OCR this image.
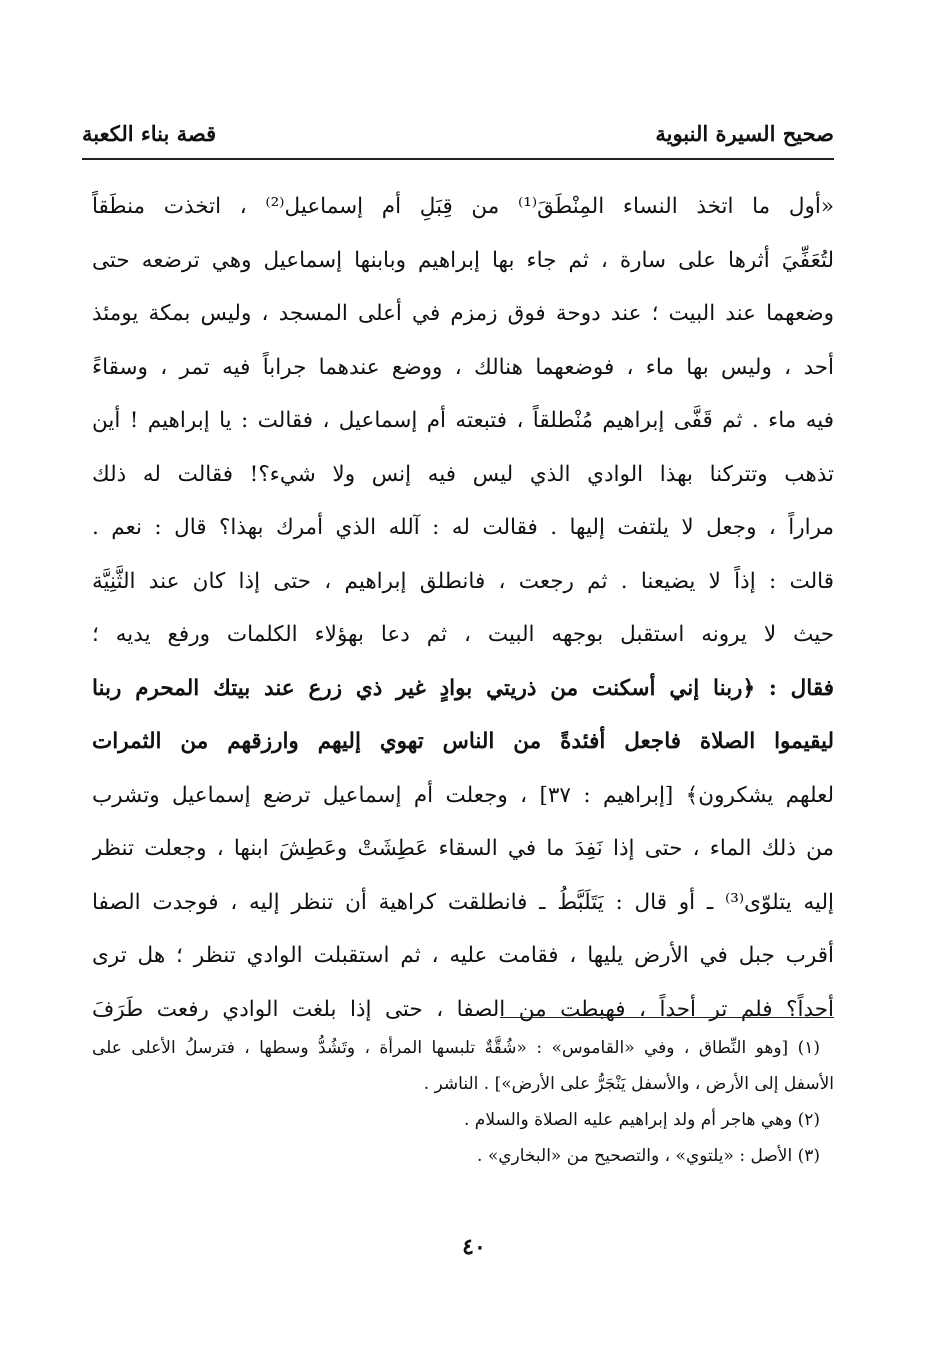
صحيح السيرة النبوية
قصة بناء الكعبة
«أول ما اتخذ النساء المِنْطَقَ⁽¹⁾ من قِبَلِ أم إسماعيل⁽²⁾ ، اتخذت منطَقاً
لتُعَفِّيَ أثرها على سارة ، ثم جاء بها إبراهيم وبابنها إسماعيل وهي ترضعه حتى
وضعهما عند البيت ؛ عند دوحة فوق زمزم في أعلى المسجد ، وليس بمكة يومئذ
أحد ، وليس بها ماء ، فوضعهما هنالك ، ووضع عندهما جراباً فيه تمر ، وسقاءً
فيه ماء . ثم قَفَّى إبراهيم مُنْطلقاً ، فتبعته أم إسماعيل ، فقالت : يا إبراهيم ! أين
تذهب وتتركنا بهذا الوادي الذي ليس فيه إنس ولا شيء؟! فقالت له ذلك
مراراً ، وجعل لا يلتفت إليها . فقالت له : آلله الذي أمرك بهذا؟ قال : نعم .
قالت : إذاً لا يضيعنا . ثم رجعت ، فانطلق إبراهيم ، حتى إذا كان عند الثَّنِيَّة
حيث لا يرونه استقبل بوجهه البيت ، ثم دعا بهؤلاء الكلمات ورفع يديه ؛
فقال : ﴿ربنا إني أسكنت من ذريتي بوادٍ غير ذي زرع عند بيتك المحرم ربنا
ليقيموا الصلاة فاجعل أفئدةً من الناس تهوي إليهم وارزقهم من الثمرات
لعلهم يشكرون﴾ [إبراهيم : ٣٧] ، وجعلت أم إسماعيل ترضع إسماعيل وتشرب
من ذلك الماء ، حتى إذا نَفِدَ ما في السقاء عَطِشَتْ وعَطِشَ ابنها ، وجعلت تنظر
إليه يتلوّى⁽³⁾ ـ أو قال : يَتَلَبَّطُ ـ فانطلقت كراهية أن تنظر إليه ، فوجدت الصفا
أقرب جبل في الأرض يليها ، فقامت عليه ، ثم استقبلت الوادي تنظر ؛ هل ترى
أحداً؟ فلم تر أحداً ، فهبطت من الصفا ، حتى إذا بلغت الوادي رفعت طَرَفَ
(١) [وهو النِّطاق ، وفي «القاموس» : «شُقَّةٌ تلبسها المرأة ، وتَشُدُّ وسطها ، فترسلُ الأعلى على
الأسفل إلى الأرض ، والأسفل يَنْجَرُّ على الأرض»] . الناشر .
(٢) وهي هاجر أم ولد إبراهيم عليه الصلاة والسلام .
(٣) الأصل : «يلتوي» ، والتصحيح من «البخاري» .
٤٠
